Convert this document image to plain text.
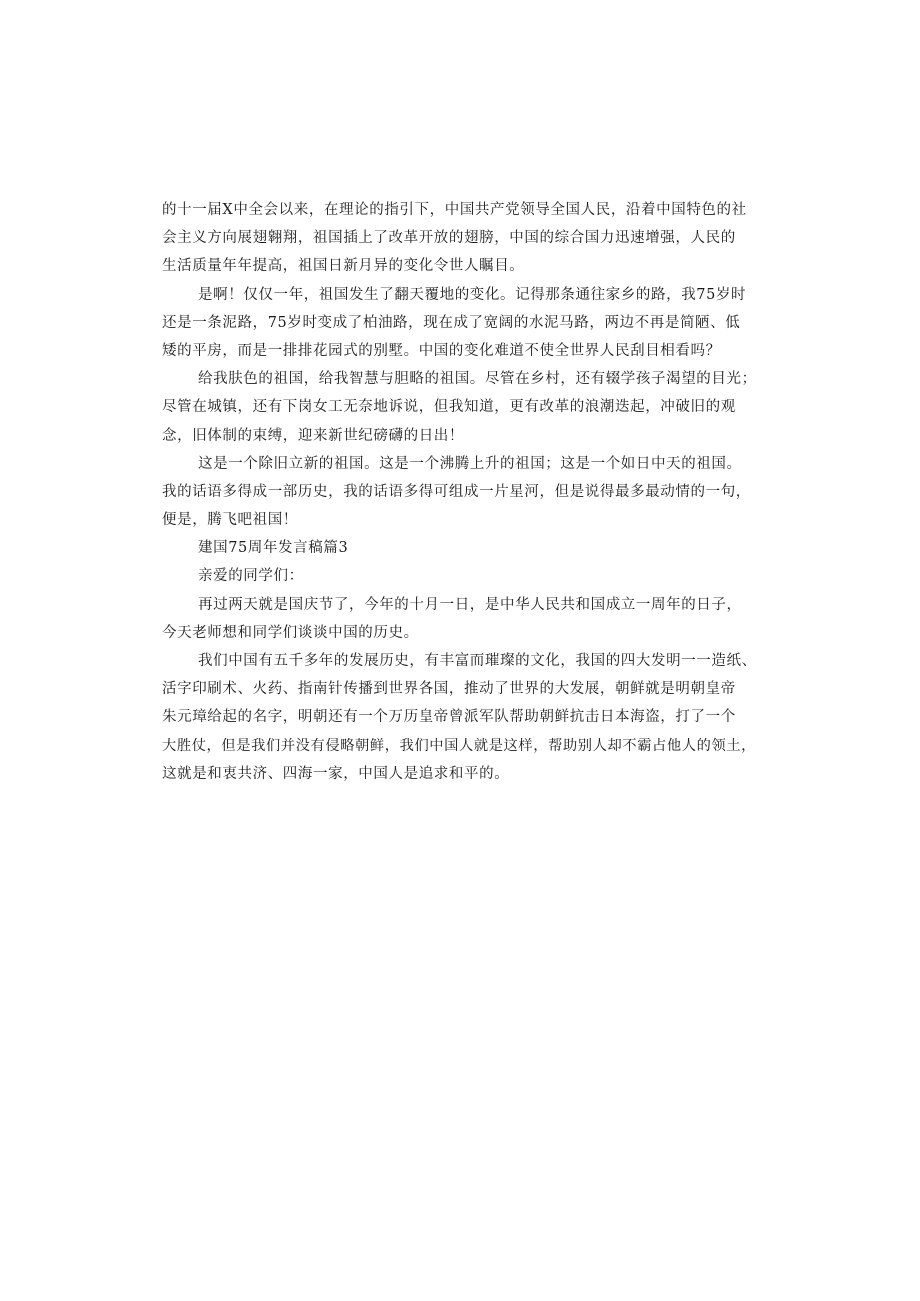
的十一届X中全会以来，在理论的指引下，中国共产党领导全国人民，沿着中国特色的社
会主义方向展翅翱翔，祖国插上了改革开放的翅膀，中国的综合国力迅速增强，人民的
生活质量年年提高，祖国日新月异的变化令世人瞩目。
是啊！仅仅一年，祖国发生了翻天覆地的变化。记得那条通往家乡的路，我75岁时
还是一条泥路，75岁时变成了柏油路，现在成了宽阔的水泥马路，两边不再是简陋、低
矮的平房，而是一排排花园式的别墅。中国的变化难道不使全世界人民刮目相看吗？
给我肤色的祖国，给我智慧与胆略的祖国。尽管在乡村，还有辍学孩子渴望的目光；
尽管在城镇，还有下岗女工无奈地诉说，但我知道，更有改革的浪潮迭起，冲破旧的观
念，旧体制的束缚，迎来新世纪磅礴的日出！
这是一个除旧立新的祖国。这是一个沸腾上升的祖国；这是一个如日中天的祖国。
我的话语多得成一部历史，我的话语多得可组成一片星河，但是说得最多最动情的一句，
便是，腾飞吧祖国！
建国75周年发言稿篇3
亲爱的同学们：
再过两天就是国庆节了，今年的十月一日，是中华人民共和国成立一周年的日子，
今天老师想和同学们谈谈中国的历史。
我们中国有五千多年的发展历史，有丰富而璀璨的文化，我国的四大发明一一造纸、
活字印刷术、火药、指南针传播到世界各国，推动了世界的大发展，朝鲜就是明朝皇帝
朱元璋给起的名字，明朝还有一个万历皇帝曾派军队帮助朝鲜抗击日本海盗，打了一个
大胜仗，但是我们并没有侵略朝鲜，我们中国人就是这样，帮助别人却不霸占他人的领土，
这就是和衷共济、四海一家，中国人是追求和平的。
